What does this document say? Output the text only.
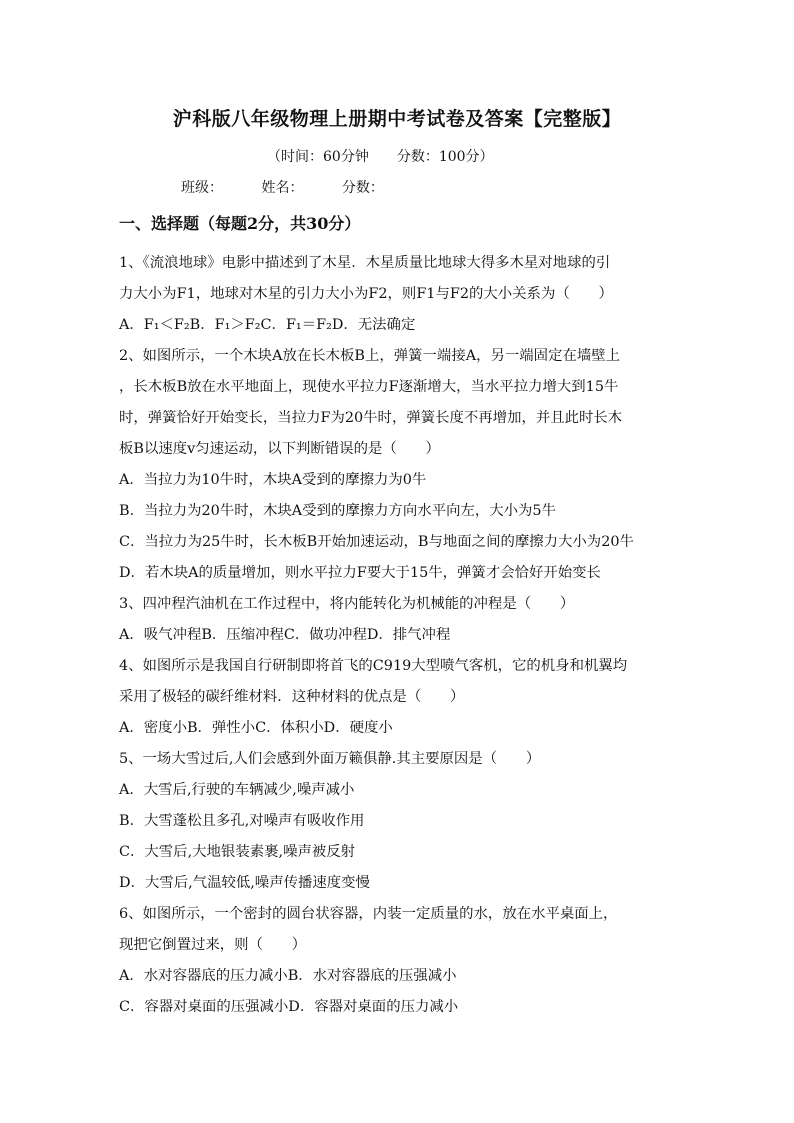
沪科版八年级物理上册期中考试卷及答案【完整版】
（时间：60分钟 分数：100分）
班级：	姓名：	分数：
一、选择题（每题2分，共30分）
1、《流浪地球》电影中描述到了木星．木星质量比地球大得多木星对地球的引
力大小为F1，地球对木星的引力大小为F2，则F1与F2的大小关系为（　　）
A．F₁＜F₂B．F₁＞F₂C．F₁＝F₂D．无法确定
2、如图所示，一个木块A放在长木板B上，弹簧一端接A，另一端固定在墙壁上
，长木板B放在水平地面上，现使水平拉力F逐渐增大，当水平拉力增大到15牛
时，弹簧恰好开始变长，当拉力F为20牛时，弹簧长度不再增加，并且此时长木
板B以速度v匀速运动，以下判断错误的是（　　）
A．当拉力为10牛时，木块A受到的摩擦力为0牛
B．当拉力为20牛时，木块A受到的摩擦力方向水平向左，大小为5牛
C．当拉力为25牛时，长木板B开始加速运动，B与地面之间的摩擦力大小为20牛
D．若木块A的质量增加，则水平拉力F要大于15牛，弹簧才会恰好开始变长
3、四冲程汽油机在工作过程中，将内能转化为机械能的冲程是（　　）
A．吸气冲程B．压缩冲程C．做功冲程D．排气冲程
4、如图所示是我国自行研制即将首飞的C919大型喷气客机，它的机身和机翼均
采用了极轻的碳纤维材料．这种材料的优点是（　　）
A．密度小B．弹性小C．体积小D．硬度小
5、一场大雪过后,人们会感到外面万籁俱静.其主要原因是（　　）
A．大雪后,行驶的车辆减少,噪声减小
B．大雪蓬松且多孔,对噪声有吸收作用
C．大雪后,大地银装素裹,噪声被反射
D．大雪后,气温较低,噪声传播速度变慢
6、如图所示，一个密封的圆台状容器，内装一定质量的水，放在水平桌面上，
现把它倒置过来，则（　　）
A．水对容器底的压力减小B．水对容器底的压强减小
C．容器对桌面的压强减小D．容器对桌面的压力减小
